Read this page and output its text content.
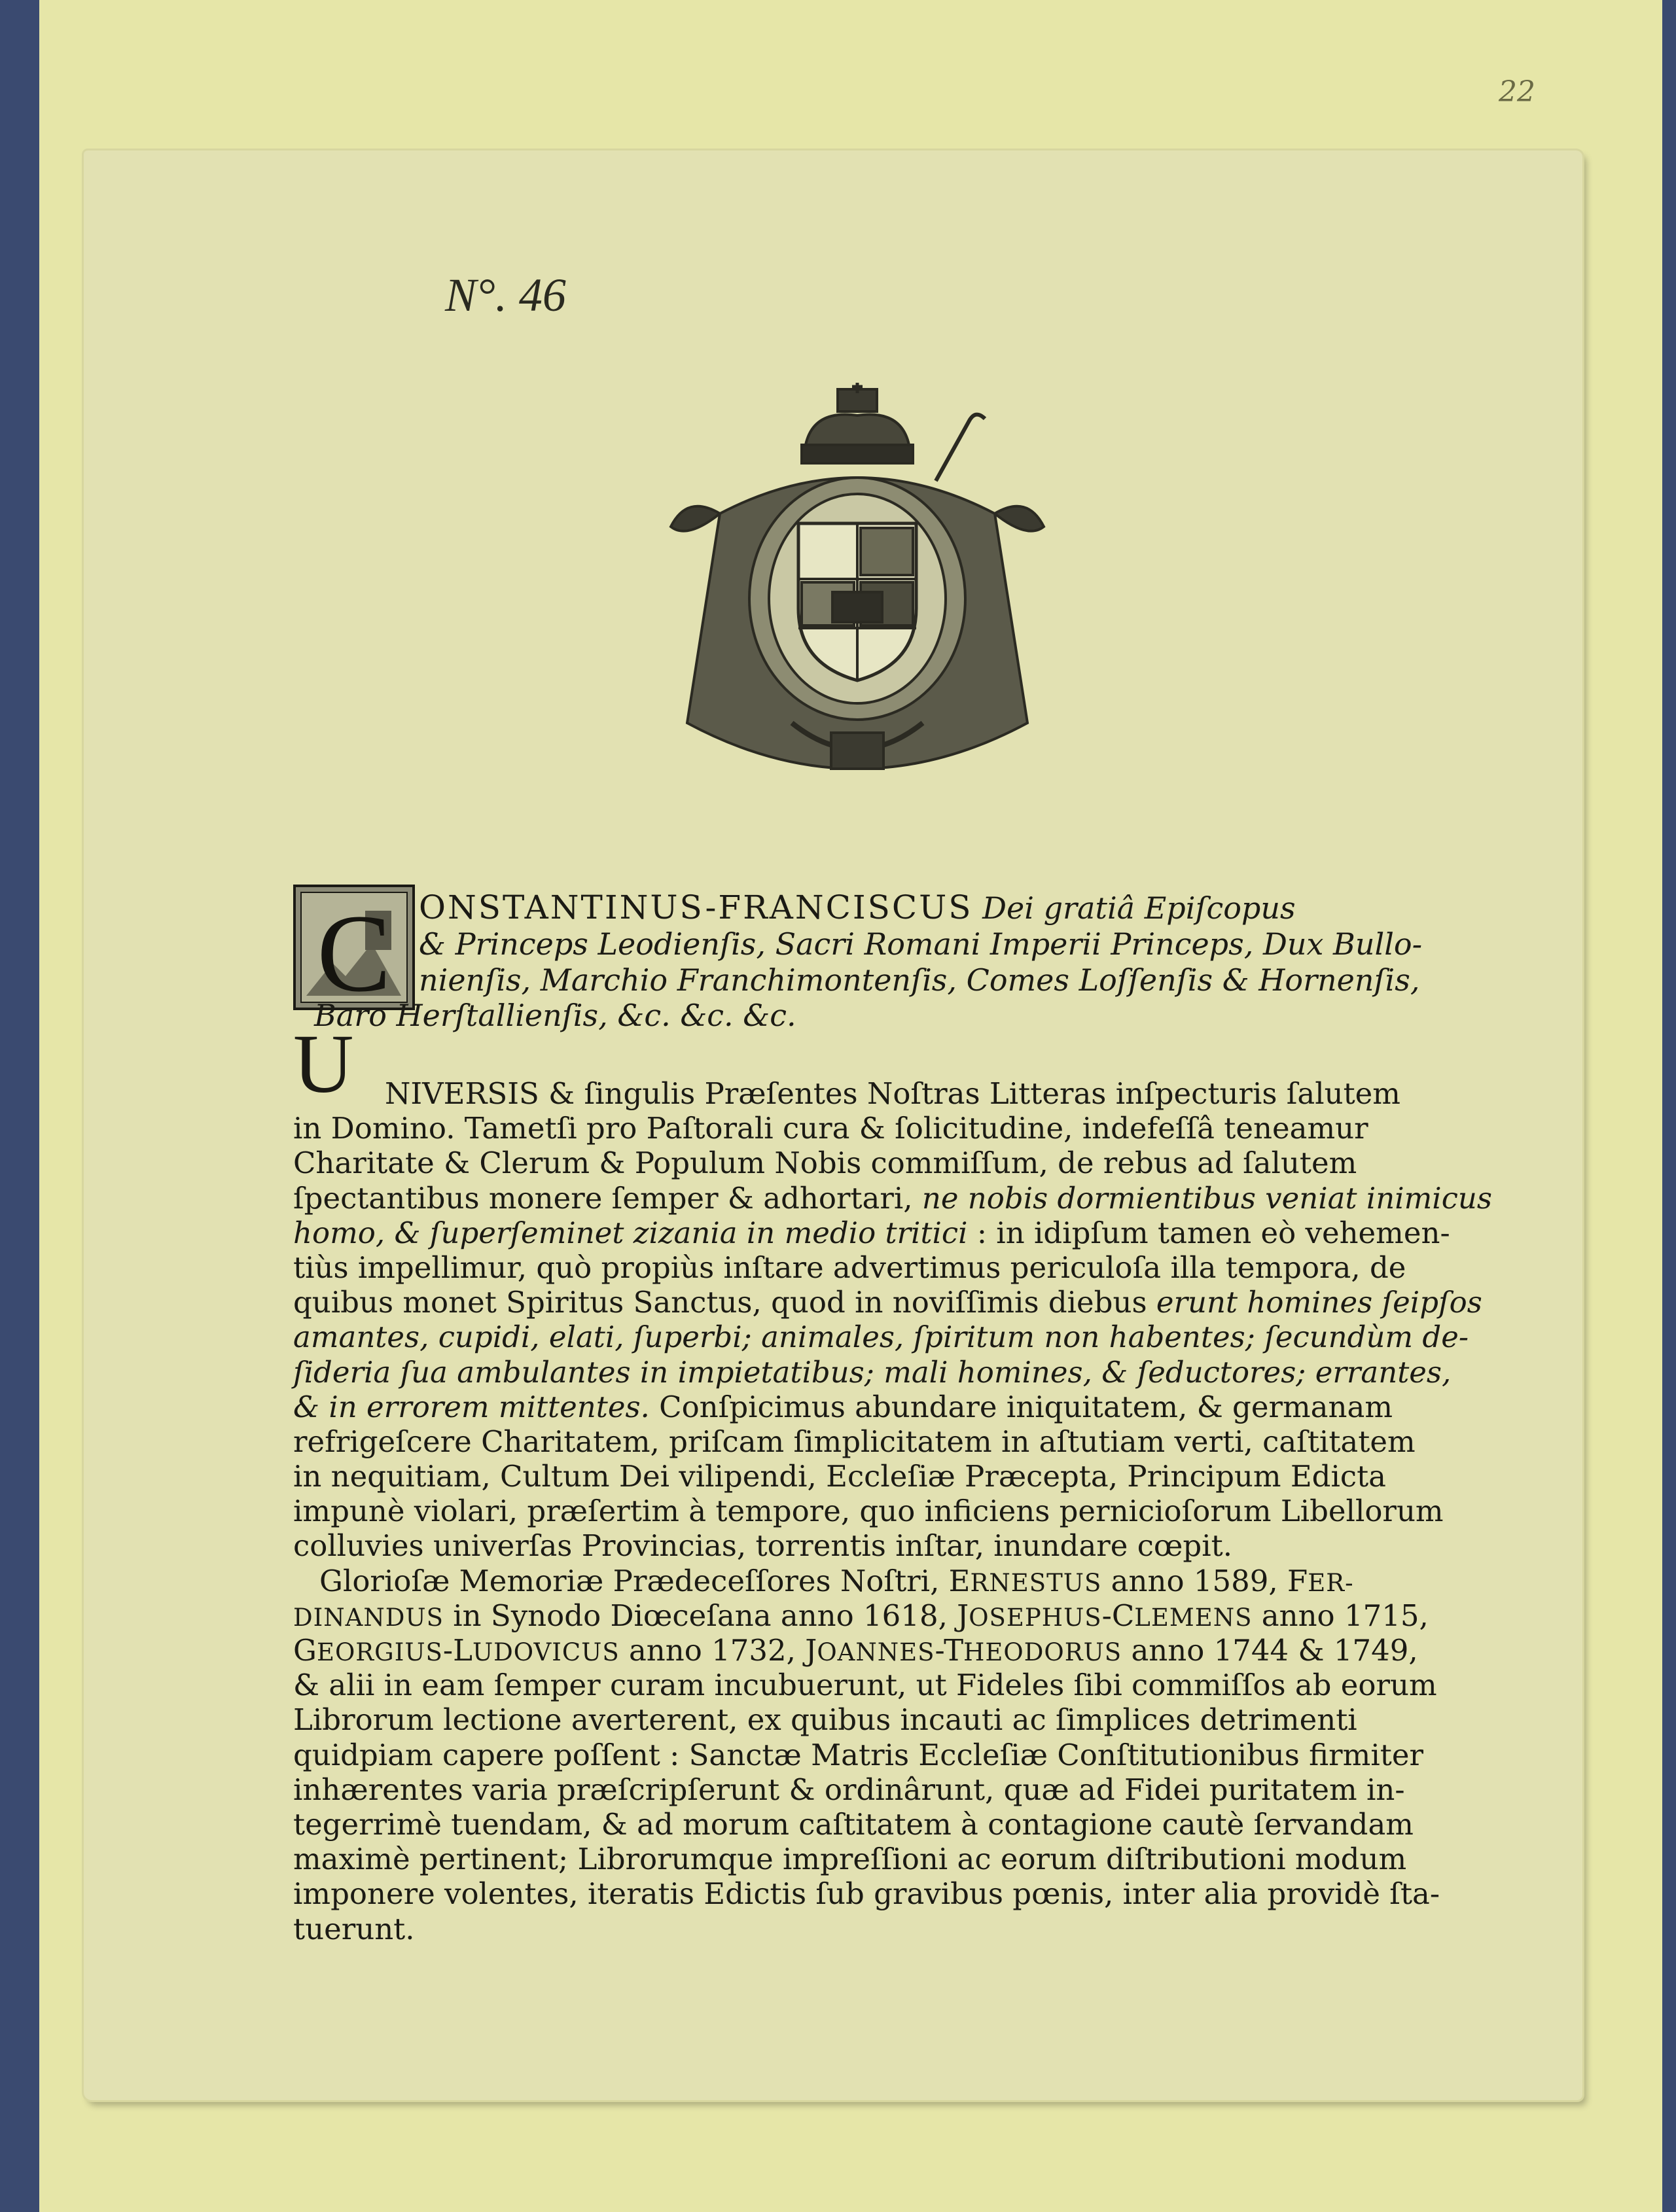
22
N°. 46
C ONSTANTINUS-FRANCISCUS Dei gratiâ Epiſcopus
& Princeps Leodienſis, Sacri Romani Imperii Princeps, Dux Bullo-
nienſis, Marchio Franchimontenſis, Comes Loſſenſis & Hornenſis,
Baro Herſtallienſis, &c. &c. &c.
U	NIVERSIS & ſingulis Præſentes Noſtras Litteras inſpecturis ſalutem
in Domino. Tametſi pro Paſtorali cura & ſolicitudine, indefeſſâ teneamur
Charitate & Clerum & Populum Nobis commiſſum, de rebus ad ſalutem
ſpectantibus monere ſemper & adhortari, ne nobis dormientibus veniat inimicus
homo, & ſuperſeminet zizania in medio tritici : in idipſum tamen eò vehemen-
tiùs impellimur, quò propiùs inſtare advertimus periculoſa illa tempora, de
quibus monet Spiritus Sanctus, quod in noviſſimis diebus erunt homines ſeipſos
amantes, cupidi, elati, ſuperbi; animales, ſpiritum non habentes; ſecundùm de-
ſideria ſua ambulantes in impietatibus; mali homines, & ſeductores; errantes,
& in errorem mittentes. Conſpicimus abundare iniquitatem, & germanam
refrigeſcere Charitatem, priſcam ſimplicitatem in aſtutiam verti, caſtitatem
in nequitiam, Cultum Dei vilipendi, Eccleſiæ Præcepta, Principum Edicta
impunè violari, præſertim à tempore, quo inficiens pernicioſorum Libellorum
colluvies univerſas Provincias, torrentis inſtar, inundare cœpit.
Glorioſæ Memoriæ Prædeceſſores Noſtri, ERNESTUS anno 1589, FER-
DINANDUS in Synodo Diœceſana anno 1618, JOSEPHUS-CLEMENS anno 1715,
GEORGIUS-LUDOVICUS anno 1732, JOANNES-THEODORUS anno 1744 & 1749,
& alii in eam ſemper curam incubuerunt, ut Fideles ſibi commiſſos ab eorum
Librorum lectione averterent, ex quibus incauti ac ſimplices detrimenti
quidpiam capere poſſent : Sanctæ Matris Eccleſiæ Conſtitutionibus firmiter
inhærentes varia præſcripſerunt & ordinârunt, quæ ad Fidei puritatem in-
tegerrimè tuendam, & ad morum caſtitatem à contagione cautè ſervandam
maximè pertinent; Librorumque impreſſioni ac eorum diſtributioni modum
imponere volentes, iteratis Edictis ſub gravibus pœnis, inter alia providè ſta-
tuerunt.
